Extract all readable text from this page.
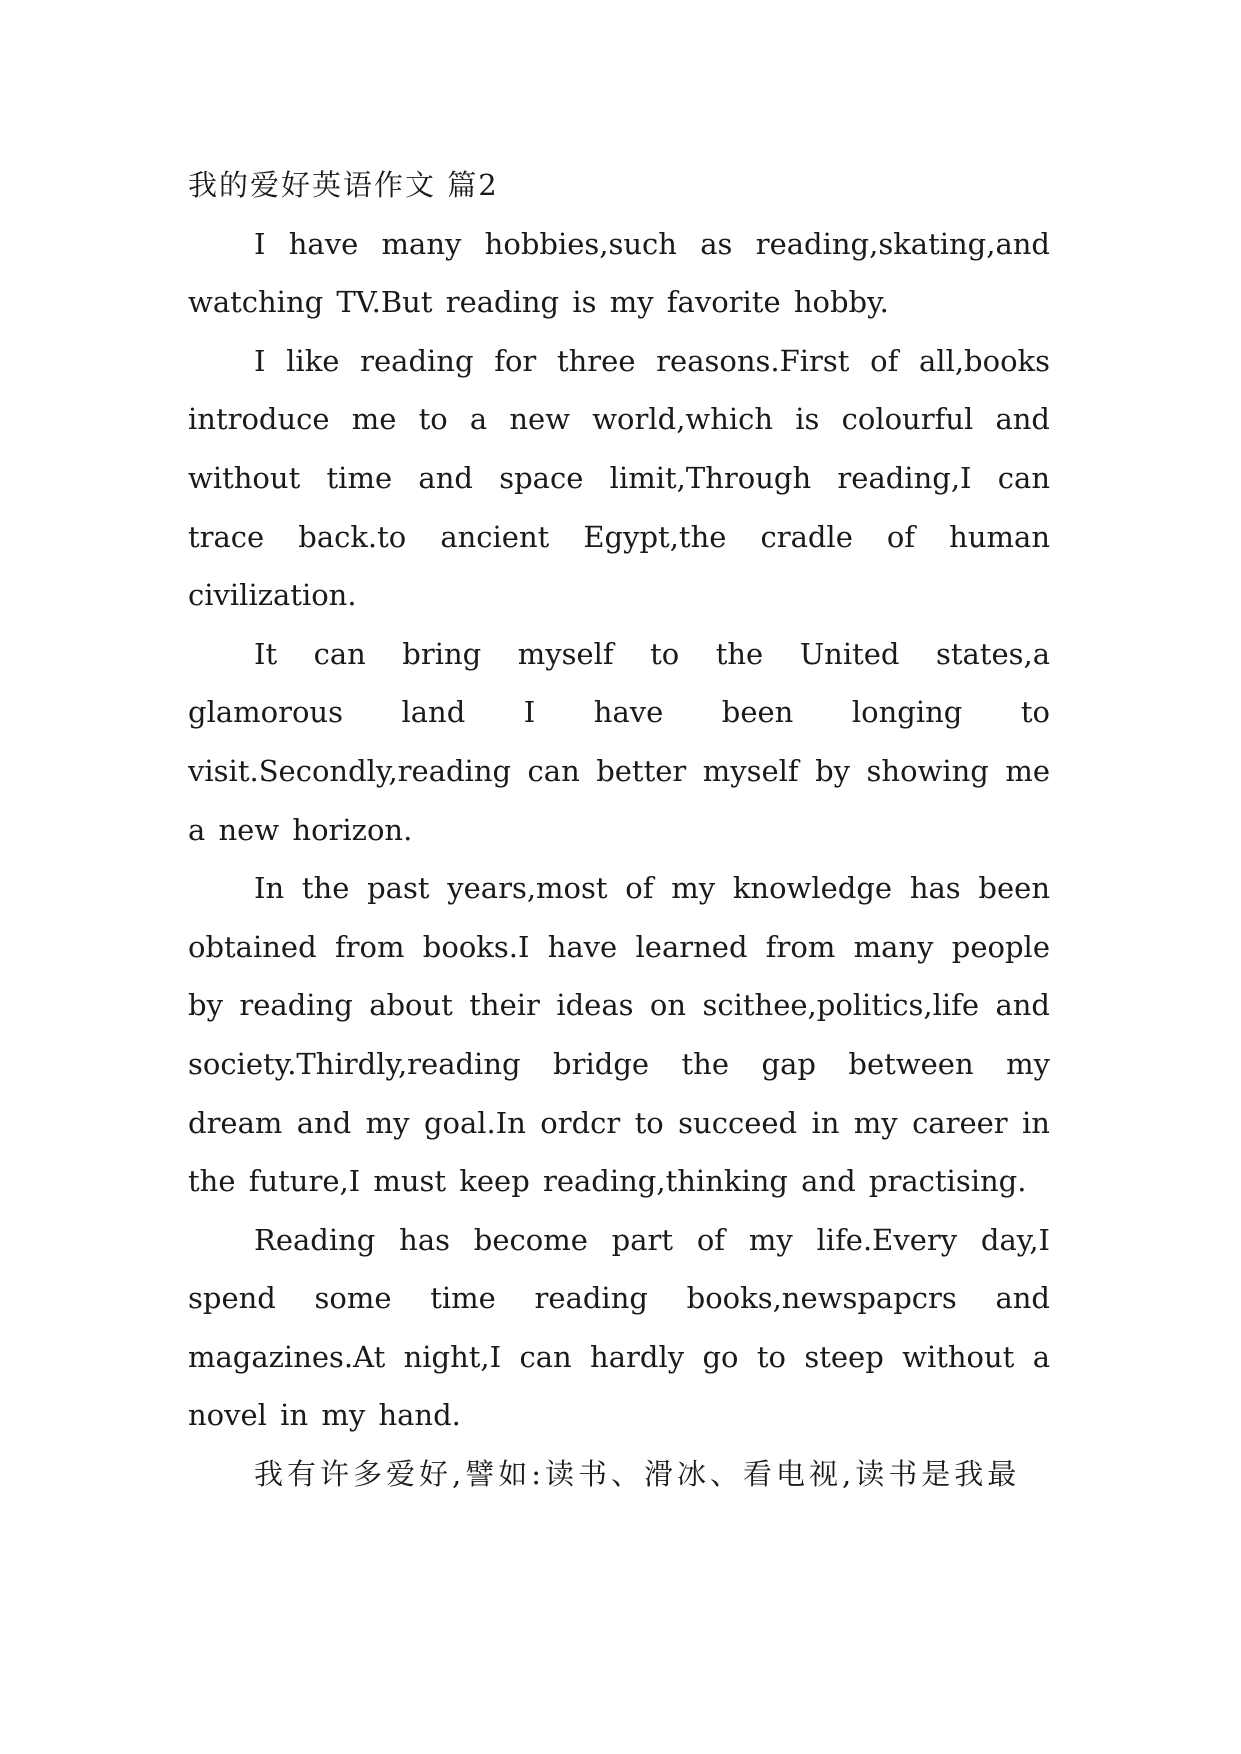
我的爱好英语作文 篇2

I have many hobbies,such as reading,skating,and watching TV.But reading is my favorite hobby.

I like reading for three reasons.First of all,books introduce me to a new world,which is colourful and without time and space limit,Through reading,I can trace back.to ancient Egypt,the cradle of human civilization.

It can bring myself to the United states,a glamorous land I have been longing to visit.Secondly,reading can better myself by showing me a new horizon.

In the past years,most of my knowledge has been obtained from books.I have learned from many people by reading about their ideas on scithee,politics,life and society.Thirdly,reading bridge the gap between my dream and my goal.In ordcr to succeed in my career in the future,I must keep reading,thinking and practising.

Reading has become part of my life.Every day,I spend some time reading books,newspapcrs and magazines.At night,I can hardly go to steep without a novel in my hand.

我有许多爱好,譬如:读书、滑冰、看电视,读书是我最
